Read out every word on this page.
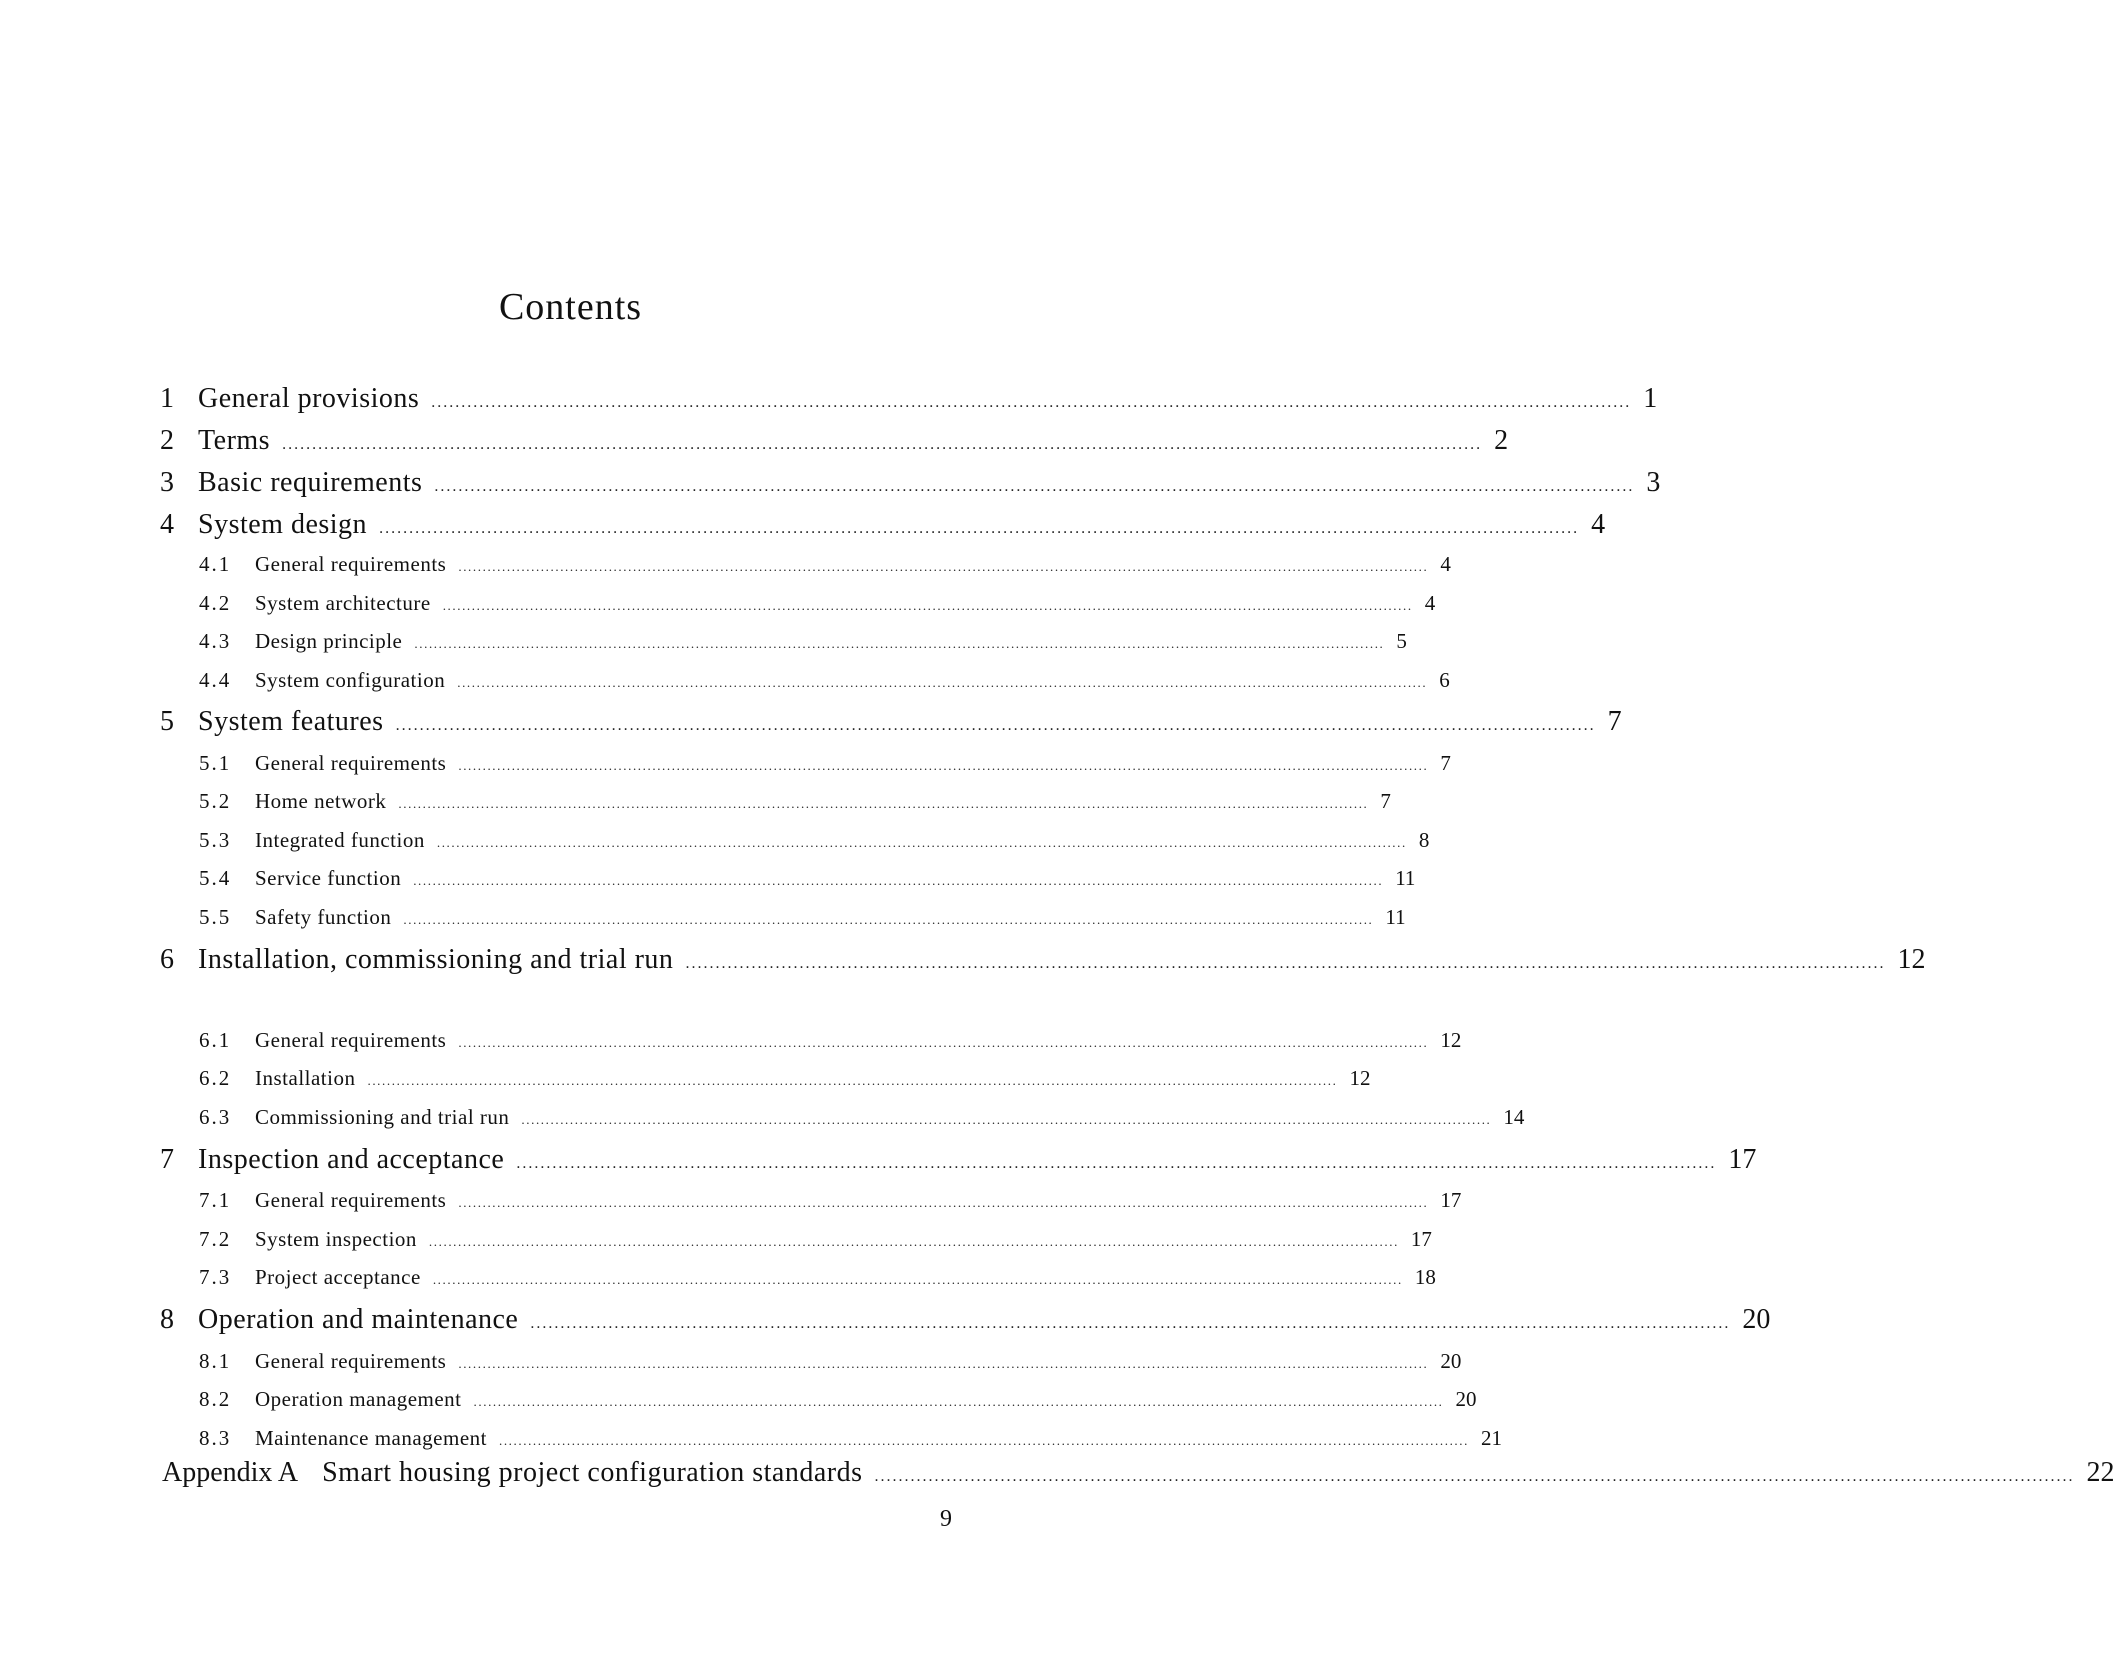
Contents
1 General provisions ........................................................................................................................................................................................................ 1
2 Terms ........................................................................................................................................................................................................ 2
3 Basic requirements ........................................................................................................................................................................................................ 3
4 System design ........................................................................................................................................................................................................ 4
4.1	General requirements ........................................................................................................................................................................................................ 4
4.2	System architecture ........................................................................................................................................................................................................ 4
4.3	Design principle ........................................................................................................................................................................................................ 5
4.4	System configuration ........................................................................................................................................................................................................ 6
5 System features ........................................................................................................................................................................................................ 7
5.1	General requirements ........................................................................................................................................................................................................ 7
5.2	Home network ........................................................................................................................................................................................................ 7
5.3	Integrated function ........................................................................................................................................................................................................ 8
5.4	Service function ........................................................................................................................................................................................................ 11
5.5	Safety function ........................................................................................................................................................................................................ 11
6 Installation, commissioning and trial run ........................................................................................................................................................................................................ 12
6.1	General requirements ........................................................................................................................................................................................................ 12
6.2	Installation ........................................................................................................................................................................................................ 12
6.3	Commissioning and trial run ........................................................................................................................................................................................................ 14
7 Inspection and acceptance ........................................................................................................................................................................................................ 17
7.1	General requirements ........................................................................................................................................................................................................ 17
7.2	System inspection ........................................................................................................................................................................................................ 17
7.3	Project acceptance ........................................................................................................................................................................................................ 18
8 Operation and maintenance ........................................................................................................................................................................................................ 20
8.1	General requirements ........................................................................................................................................................................................................ 20
8.2	Operation management ........................................................................................................................................................................................................ 20
8.3	Maintenance management ........................................................................................................................................................................................................ 21
Appendix A Smart housing project configuration standards ........................................................................................................................................................................................................ 22
9
